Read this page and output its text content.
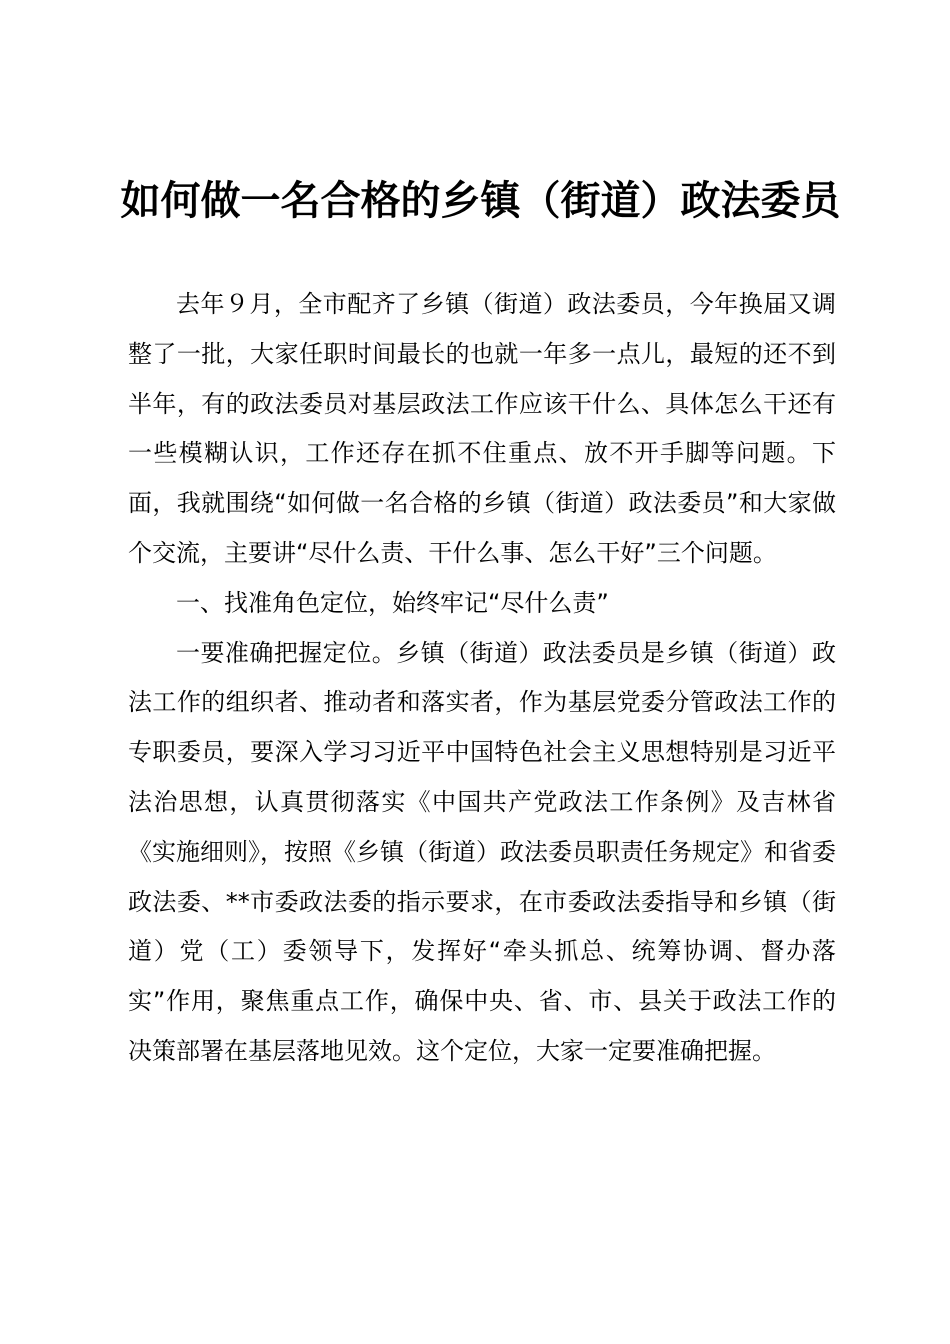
如何做一名合格的乡镇（街道）政法委员

去年９月，全市配齐了乡镇（街道）政法委员，今年换届又调整了一批，大家任职时间最长的也就一年多一点儿，最短的还不到半年，有的政法委员对基层政法工作应该干什么、具体怎么干还有一些模糊认识，工作还存在抓不住重点、放不开手脚等问题。下面，我就围绕“如何做一名合格的乡镇（街道）政法委员”和大家做个交流，主要讲“尽什么责、干什么事、怎么干好”三个问题。

一、找准角色定位，始终牢记“尽什么责”

一要准确把握定位。乡镇（街道）政法委员是乡镇（街道）政法工作的组织者、推动者和落实者，作为基层党委分管政法工作的专职委员，要深入学习习近平中国特色社会主义思想特别是习近平法治思想，认真贯彻落实《中国共产党政法工作条例》及吉林省《实施细则》，按照《乡镇（街道）政法委员职责任务规定》和省委政法委、**市委政法委的指示要求，在市委政法委指导和乡镇（街道）党（工）委领导下，发挥好“牵头抓总、统筹协调、督办落实”作用，聚焦重点工作，确保中央、省、市、县关于政法工作的决策部署在基层落地见效。这个定位，大家一定要准确把握。
